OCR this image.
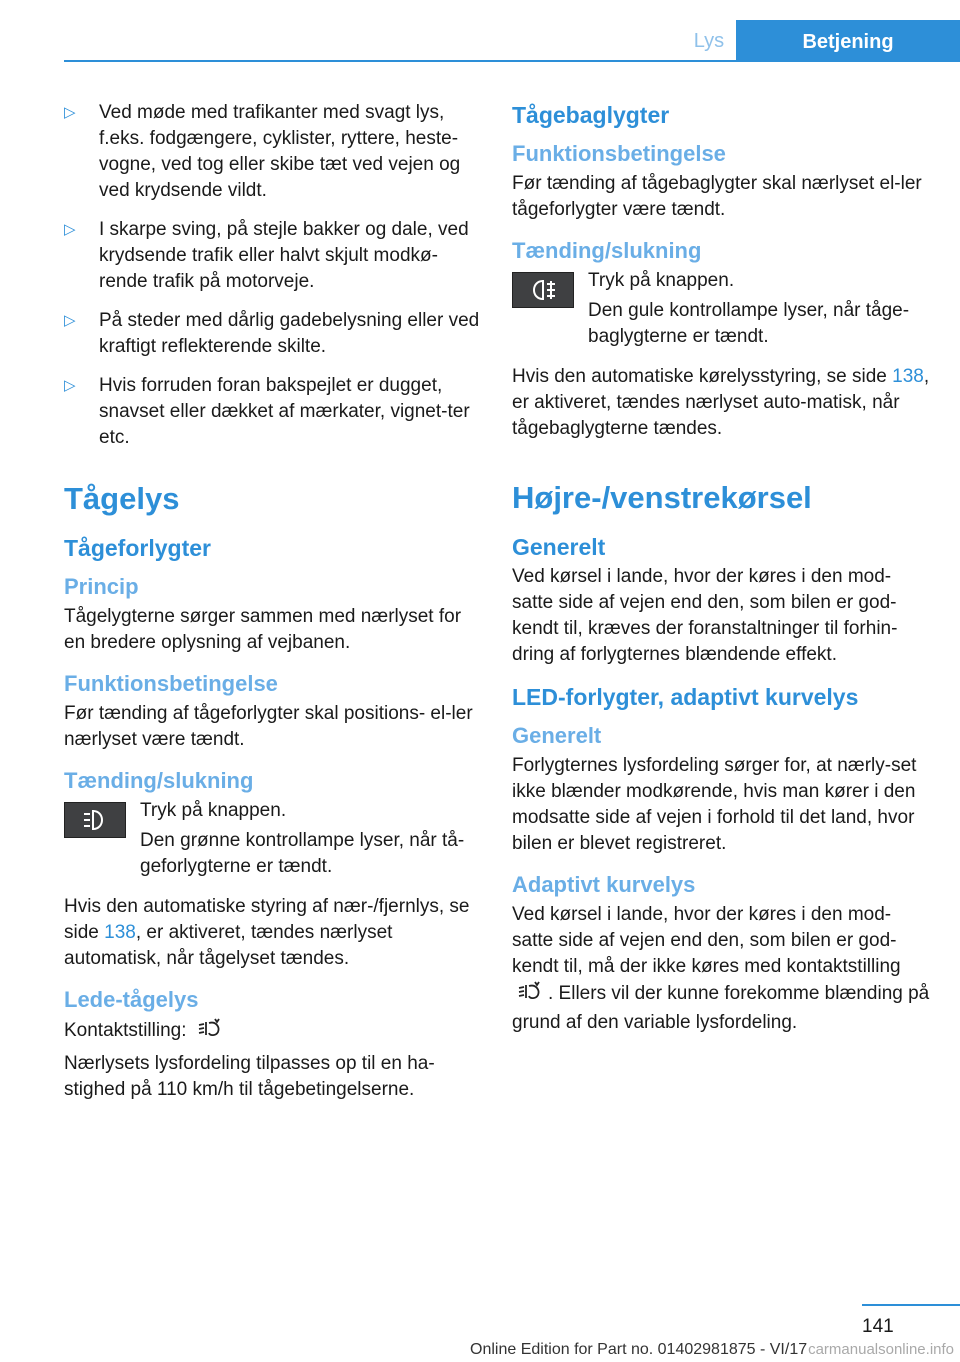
Lys	Betjening
▷ Ved møde med trafikanter med svagt lys, f.eks. fodgængere, cyklister, ryttere, heste‐vogne, ved tog eller skibe tæt ved vejen og ved krydsende vildt.
▷ I skarpe sving, på stejle bakker og dale, ved krydsende trafik eller halvt skjult modkø‐rende trafik på motorveje.
▷ På steder med dårlig gadebelysning eller ved kraftigt reflekterende skilte.
▷ Hvis forruden foran bakspejlet er dugget, snavset eller dækket af mærkater, vignet‐ter etc.
Tågelys
Tågeforlygter
Princip

Tågelygterne sørger sammen med nærlyset for en bredere oplysning af vejbanen.

Funktionsbetingelse

Før tænding af tågeforlygter skal positions- el‐ler nærlyset være tændt.

Tænding/slukning

Tryk på knappen.

Den grønne kontrollampe lyser, når tå‐geforlygterne er tændt.

Hvis den automatiske styring af nær-/fjernlys, se side 138, er aktiveret, tændes nærlyset automatisk, når tågelyset tændes.

Lede-tågelys

Kontaktstilling:

Nærlysets lysfordeling tilpasses op til en ha‐stighed på 110 km/h til tågebetingelserne.

Tågebaglygter
Funktionsbetingelse

Før tænding af tågebaglygter skal nærlyset el‐ler tågeforlygter være tændt.

Tænding/slukning

Tryk på knappen.

Den gule kontrollampe lyser, når tåge‐baglygterne er tændt.

Hvis den automatiske kørelysstyring, se side 138, er aktiveret, tændes nærlyset auto‐matisk, når tågebaglygterne tændes.

Højre-/venstrekørsel
Generelt

Ved kørsel i lande, hvor der køres i den mod‐satte side af vejen end den, som bilen er god‐kendt til, kræves der foranstaltninger til forhin‐dring af forlygternes blændende effekt.

LED-forlygter, adaptivt kurvelys
Generelt

Forlygternes lysfordeling sørger for, at nærly‐set ikke blænder modkørende, hvis man kører i den modsatte side af vejen i forhold til det land, hvor bilen er blevet registreret.

Adaptivt kurvelys

Ved kørsel i lande, hvor der køres i den mod‐satte side af vejen end den, som bilen er god‐kendt til, må der ikke køres med kontaktstilling . Ellers vil der kunne forekomme blænding på grund af den variable lysfordeling.

141
Online Edition for Part no. 01402981875 - VI/17 carmanualsonline.info
